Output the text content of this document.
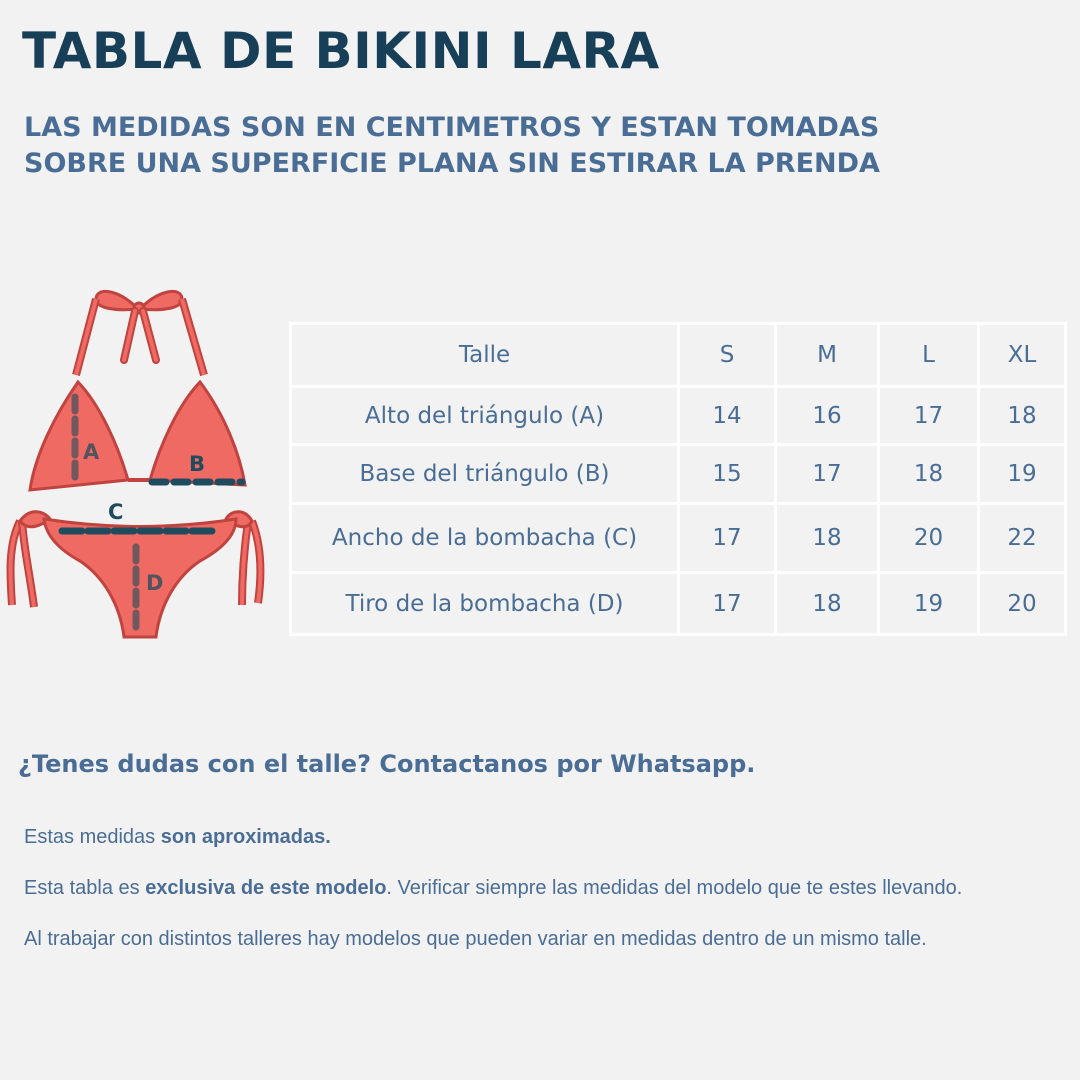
TABLA DE BIKINI LARA
LAS MEDIDAS SON EN CENTIMETROS Y ESTAN TOMADAS
SOBRE UNA SUPERFICIE PLANA SIN ESTIRAR LA PRENDA
A	B
C
D
Talle	S	M	L	XL
Alto del triángulo (A)	14	16	17	18
Base del triángulo (B)	15	17	18	19
Ancho de la bombacha (C)	17	18	20	22
Tiro de la bombacha (D)	17	18	19	20
¿Tenes dudas con el talle? Contactanos por Whatsapp.

Estas medidas son aproximadas.

Esta tabla es exclusiva de este modelo. Verificar siempre las medidas del modelo que te estes llevando.

Al trabajar con distintos talleres hay modelos que pueden variar en medidas dentro de un mismo talle.
